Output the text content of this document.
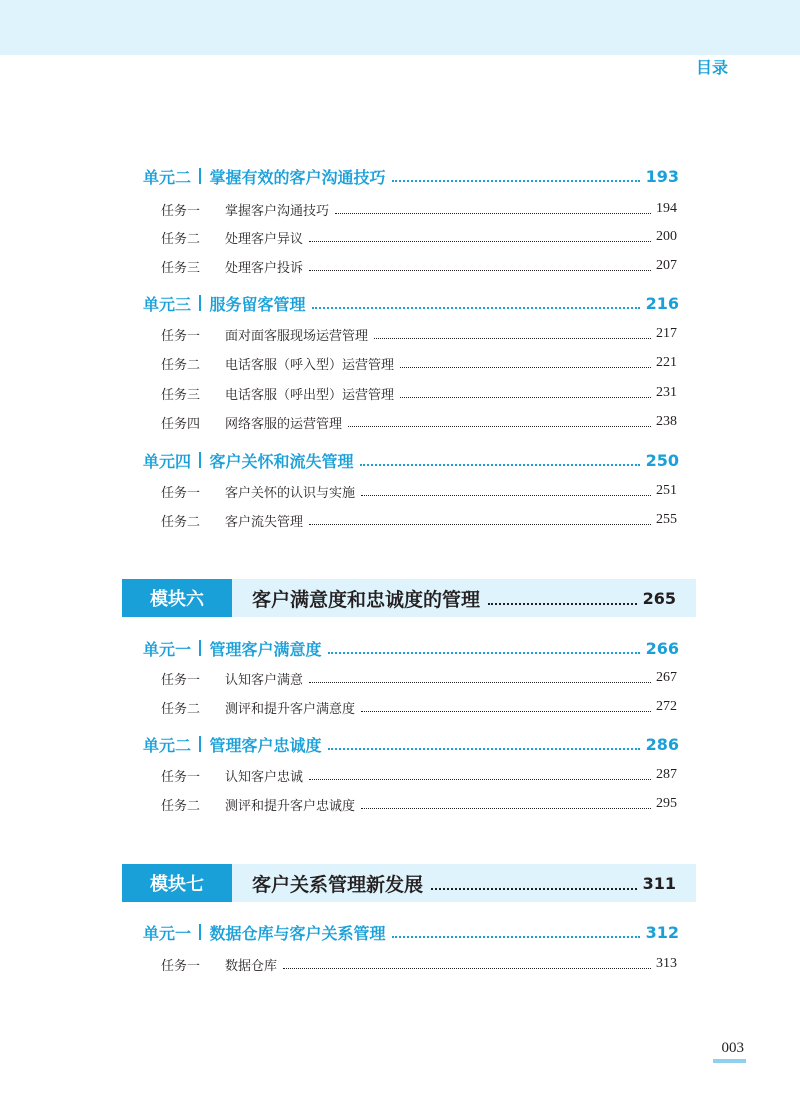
目录
单元二 掌握有效的客户沟通技巧	193
任务一	掌握客户沟通技巧	194
任务二	处理客户异议	200
任务三	处理客户投诉	207
单元三 服务留客管理	216
任务一	面对面客服现场运营管理	217
任务二	电话客服（呼入型）运营管理	221
任务三	电话客服（呼出型）运营管理	231
任务四	网络客服的运营管理	238
单元四 客户关怀和流失管理	250
任务一	客户关怀的认识与实施	251
任务二	客户流失管理	255
模块六	客户满意度和忠诚度的管理	265
单元一 管理客户满意度	266
任务一	认知客户满意	267
任务二	测评和提升客户满意度	272
单元二 管理客户忠诚度	286
任务一	认知客户忠诚	287
任务二	测评和提升客户忠诚度	295
模块七	客户关系管理新发展	311
单元一 数据仓库与客户关系管理	312
任务一	数据仓库	313
003
